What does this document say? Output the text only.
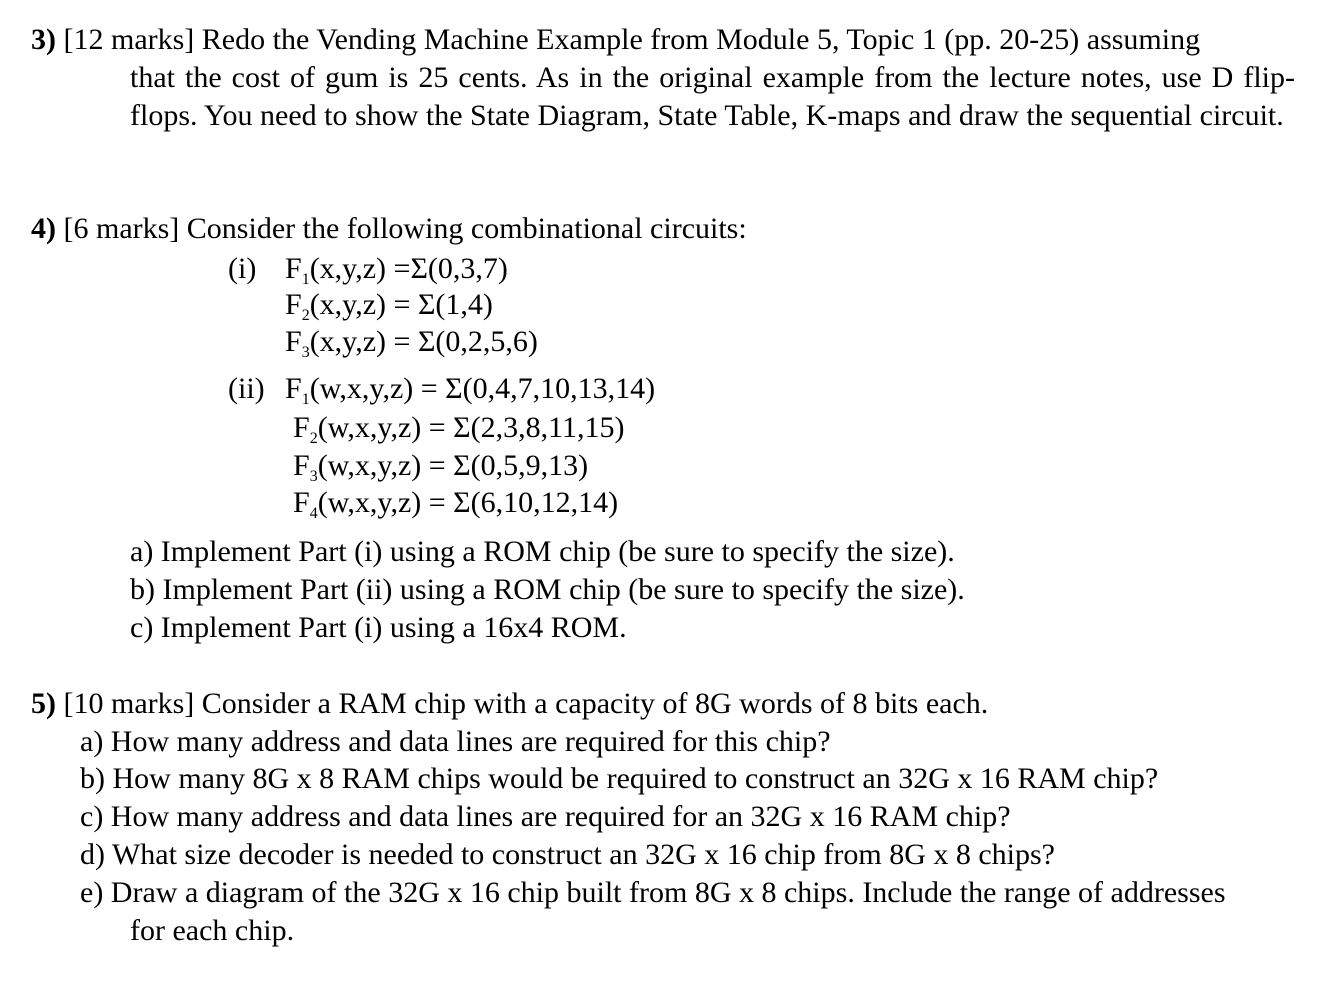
3) [12 marks] Redo the Vending Machine Example from Module 5, Topic 1 (pp. 20-25) assuming
that the cost of gum is 25 cents. As in the original example from the lecture notes, use D flip-flops. You need to show the State Diagram, State Table, K-maps and draw the sequential circuit.
4) [6 marks] Consider the following combinational circuits:
(i) $F_1(x,y,z) =\Sigma(0,3,7)$
$F_2(x,y,z) = \Sigma(1,4)$
$F_3(x,y,z) = \Sigma(0,2,5,6)$
(ii) $F_1(w,x,y,z) = \Sigma(0,4,7,10,13,14)$
$F_2(w,x,y,z) = \Sigma(2,3,8,11,15)$
$F_3(w,x,y,z) = \Sigma(0,5,9,13)$
$F_4(w,x,y,z) = \Sigma(6,10,12,14)$
a) Implement Part (i) using a ROM chip (be sure to specify the size).
b) Implement Part (ii) using a ROM chip (be sure to specify the size).
c) Implement Part (i) using a 16x4 ROM.
5) [10 marks] Consider a RAM chip with a capacity of 8G words of 8 bits each.
a) How many address and data lines are required for this chip?
b) How many 8G x 8 RAM chips would be required to construct an 32G x 16 RAM chip?
c) How many address and data lines are required for an 32G x 16 RAM chip?
d) What size decoder is needed to construct an 32G x 16 chip from 8G x 8 chips?
e) Draw a diagram of the 32G x 16 chip built from 8G x 8 chips. Include the range of addresses
for each chip.
